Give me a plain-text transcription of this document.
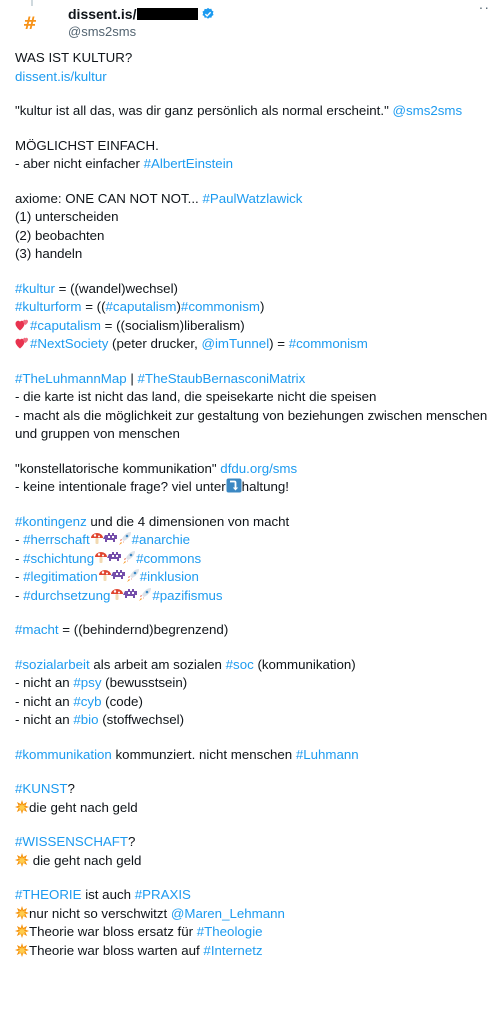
# dissent.is/
@sms2sms
··
WAS IST KULTUR?
dissent.is/kultur
"kultur ist all das, was dir ganz persönlich als normal erscheint." @sms2sms
MÖGLICHST EINFACH.
- aber nicht einfacher #AlbertEinstein
axiome: ONE CAN NOT NOT... #PaulWatzlawick
(1) unterscheiden
(2) beobachten
(3) handeln
#kultur = ((wandel)wechsel)
#kulturform = ((#caputalism)#commonism)
#caputalism = ((socialism)liberalism)
#NextSociety (peter drucker, @imTunnel) = #commonism
#TheLuhmannMap | #TheStaubBernasconiMatrix
- die karte ist nicht das land, die speisekarte nicht die speisen
- macht als die möglichkeit zur gestaltung von beziehungen zwischen menschen
und gruppen von menschen
"konstellatorische kommunikation" dfdu.org/sms
- keine intentionale frage? viel unter haltung!
#kontingenz und die 4 dimensionen von macht
- #herrschaft	#anarchie
- #schichtung	#commons
- #legitimation	#inklusion
- #durchsetzung	#pazifismus
#macht = ((behindernd)begrenzend)
#sozialarbeit als arbeit am sozialen #soc (kommunikation)
- nicht an #psy (bewusstsein)
- nicht an #cyb (code)
- nicht an #bio (stoffwechsel)
#kommunikation kommunziert. nicht menschen #Luhmann
#KUNST?
die geht nach geld
#WISSENSCHAFT?
die geht nach geld
#THEORIE ist auch #PRAXIS
nur nicht so verschwitzt @Maren_Lehmann
Theorie war bloss ersatz für #Theologie
Theorie war bloss warten auf #Internetz
